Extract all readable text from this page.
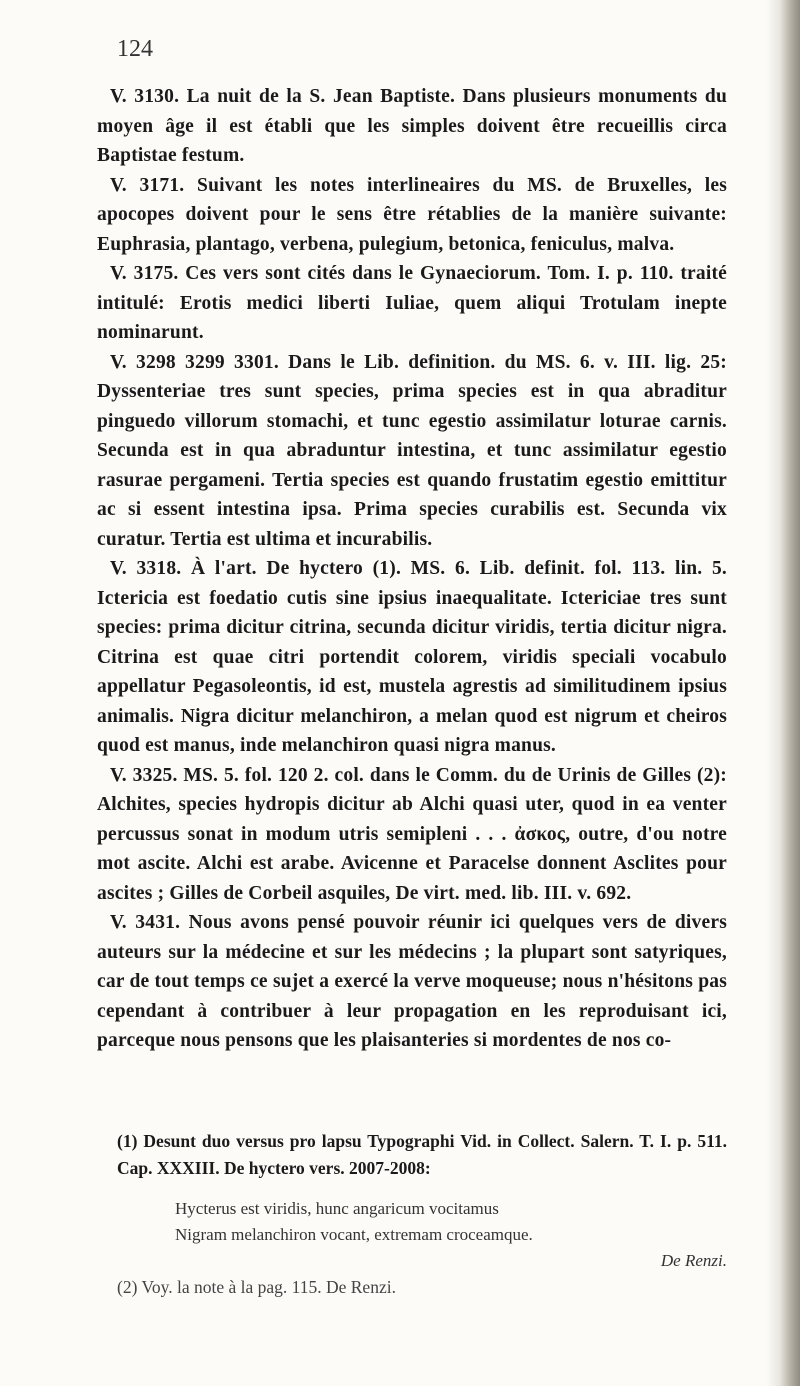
124

V. 3130. La nuit de la S. Jean Baptiste. Dans plusieurs monuments du moyen âge il est établi que les simples doivent être recueillis circa Baptistae festum.

V. 3171. Suivant les notes interlineaires du MS. de Bruxelles, les apocopes doivent pour le sens être rétablies de la manière suivante: Euphrasia, plantago, verbena, pulegium, betonica, feniculus, malva.

V. 3175. Ces vers sont cités dans le Gynaeciorum. Tom. I. p. 110. traité intitulé: Erotis medici liberti Iuliae, quem aliqui Trotulam inepte nominarunt.

V. 3298 3299 3301. Dans le Lib. definition. du MS. 6. v. III. lig. 25: Dyssenteriae tres sunt species, prima species est in qua abraditur pinguedo villorum stomachi, et tunc egestio assimilatur loturae carnis. Secunda est in qua abraduntur intestina, et tunc assimilatur egestio rasurae pergameni. Tertia species est quando frustatim egestio emittitur ac si essent intestina ipsa. Prima species curabilis est. Secunda vix curatur. Tertia est ultima et incurabilis.

V. 3318. À l'art. De hyctero (1). MS. 6. Lib. definit. fol. 113. lin. 5. Ictericia est foedatio cutis sine ipsius inaequalitate. Ictericiae tres sunt species: prima dicitur citrina, secunda dicitur viridis, tertia dicitur nigra. Citrina est quae citri portendit colorem, viridis speciali vocabulo appellatur Pegasoleontis, id est, mustela agrestis ad similitudinem ipsius animalis. Nigra dicitur melanchiron, a melan quod est nigrum et cheiros quod est manus, inde melanchiron quasi nigra manus.

V. 3325. MS. 5. fol. 120 2. col. dans le Comm. du de Urinis de Gilles (2): Alchites, species hydropis dicitur ab Alchi quasi uter, quod in ea venter percussus sonat in modum utris semipleni . . . ἀσκος, outre, d'ou notre mot ascite. Alchi est arabe. Avicenne et Paracelse donnent Asclites pour ascites ; Gilles de Corbeil asquiles, De virt. med. lib. III. v. 692.

V. 3431. Nous avons pensé pouvoir réunir ici quelques vers de divers auteurs sur la médecine et sur les médecins ; la plupart sont satyriques, car de tout temps ce sujet a exercé la verve moqueuse; nous n'hésitons pas cependant à contribuer à leur propagation en les reproduisant ici, parceque nous pensons que les plaisanteries si mordentes de nos co-

(1) Desunt duo versus pro lapsu Typographi Vid. in Collect. Salern. T. I. p. 511. Cap. XXXIII. De hyctero vers. 2007-2008:

Hycterus est viridis, hunc angaricum vocitamus
Nigram melanchiron vocant, extremam croceamque.
De Renzi.

(2) Voy. la note à la pag. 115. De Renzi.
